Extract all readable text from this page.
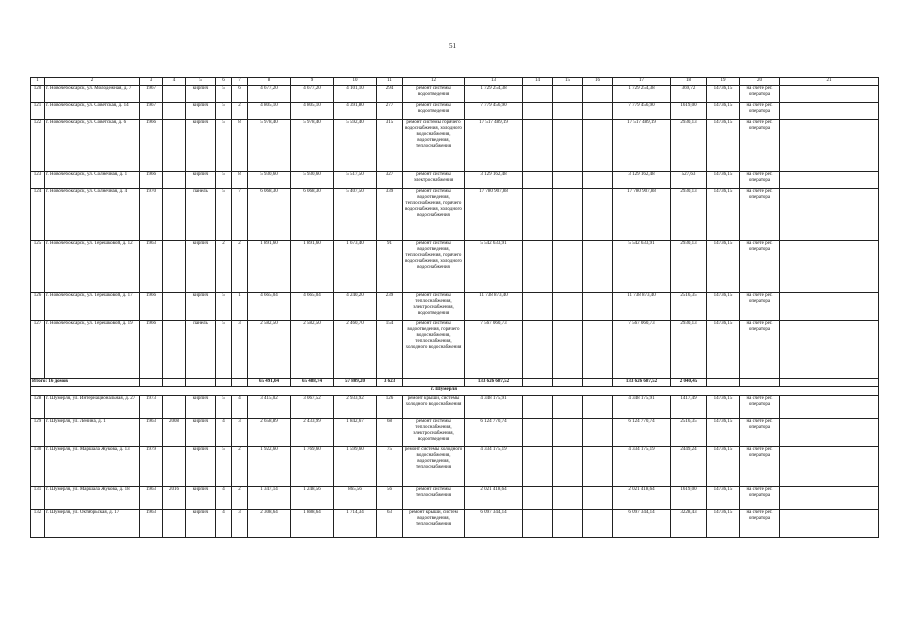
51
1	2	3	4	5	6	7	8	9	10	11	12	13	14	15	16	17	18	19	20	21
120	г. Новочебоксарск, ул. Молодежная, д. 7	1967		кирпич	5	6	4 677,20	4 677,20	4 101,10	294	ремонт системы водоотведения	1 729 254,38				1 729 254,38	369,72	14736,15	на счете рег. оператора	
121	г. Новочебоксарск, ул. Советская, д. 14	1967		кирпич	5	2	4 805,10	4 805,10	4 391,80	277	ремонт системы водоотведения	7 779 456,90				7 779 456,90	1619,00	14736,15	на счете рег. оператора	
122	г. Новочебоксарск, ул. Советская, д. 6	1966		кирпич	5	8	5 978,40	5 978,40	5 592,40	315	ремонт системы горячего водоснабжения, холодного водоснабжения, водоотведения, теплоснабжения	17 517 489,19				17 517 489,19	2930,13	14736,15	на счете рег. оператора	
123	г. Новочебоксарск, ул. Солнечная, д. 1	1966		кирпич	5	8	5 930,60	5 930,60	5 517,50	327	ремонт системы электроснабжения	3 129 162,48				3 129 162,48	527,63	14736,15	на счете рег. оператора	
124	г. Новочебоксарск, ул. Солнечная, д. 4	1970		панель	5	7	6 068,30	6 068,30	5 407,50	339	ремонт системы водоотведения, теплоснабжения, горячего водоснабжения, холодного водоснабжения	17 780 907,88				17 780 907,88	2930,13	14736,15	на счете рег. оператора	
125	г. Новочебоксарск, ул. Терешковой, д. 12	1963		кирпич	2	2	1 891,60	1 891,60	1 673,40	91	ремонт системы водоотведения, теплоснабжения, горячего водоснабжения, холодного водоснабжения	5 542 633,91				5 542 633,91	2930,13	14736,15	на счете рег. оператора	
126	г. Новочебоксарск, ул. Терешковой, д. 17	1966		кирпич	5	1	4 665,04	4 665,04	4 240,20	239	ремонт системы теплоснабжения, электроснабжения, водоотведения	11 738 873,40				11 738 873,40	2516,35	14736,15	на счете рег. оператора	
127	г. Новочебоксарск, ул. Терешковой, д. 19	1966		панель	5	3	2 582,50	2 582,50	2 460,70	154	ремонт системы водоотведения, горячего водоснабжения, теплоснабжения, холодного водоснабжения	7 567 060,73				7 567 060,73	2930,13	14736,15	на счете рег. оператора	
Итого: 16 домов							65 491,04	65 488,74	57 809,20	3 623		133 626 687,52				133 626 687,52	2 040,45			
г. Шумерля																				
128	г. Шумерля, ул. Интернациональная, д. 27	1973		кирпич	5	4	3 415,02	3 067,52	2 933,92	126	ремонт крыши, системы холодного водоснабжения	4 348 175,91				4 348 175,91	1417,49	14736,15	на счете рег. оператора	
129	г. Шумерля, ул. Ленина, д. 1	1963	2008	кирпич	4	3	2 658,89	2 433,99	1 842,67	68	ремонт системы теплоснабжения, электроснабжения, водоотведения	6 124 770,74				6 124 770,74	2516,35	14736,15	на счете рег. оператора	
130	г. Шумерля, ул. Маршала Жукова, д. 13	1979		кирпич	5	2	1 922,60	1 769,60	1 599,60	75	ремонт системы холодного водоснабжения, водоотведения, теплоснабжения	4 334 175,19				4 334 175,19	2449,24	14736,15	на счете рег. оператора	
131	г. Шумерля, ул. Маршала Жукова, д. 18	1963	2016	кирпич	4	2	1 347,14	1 248,56	865,56	56	ремонт системы теплоснабжения	2 021 418,64				2 021 418,64	1619,00	14736,15	на счете рег. оператора	
132	г. Шумерля, ул. Октябрьская, д. 17	1963		кирпич	4	3	2 308,64	1 888,64	1 714,34	63	ремонт крыши, систем водоотведения, теплоснабжения	6 097 344,14				6 097 344,14	3228,43	14736,15	на счете рег. оператора	
